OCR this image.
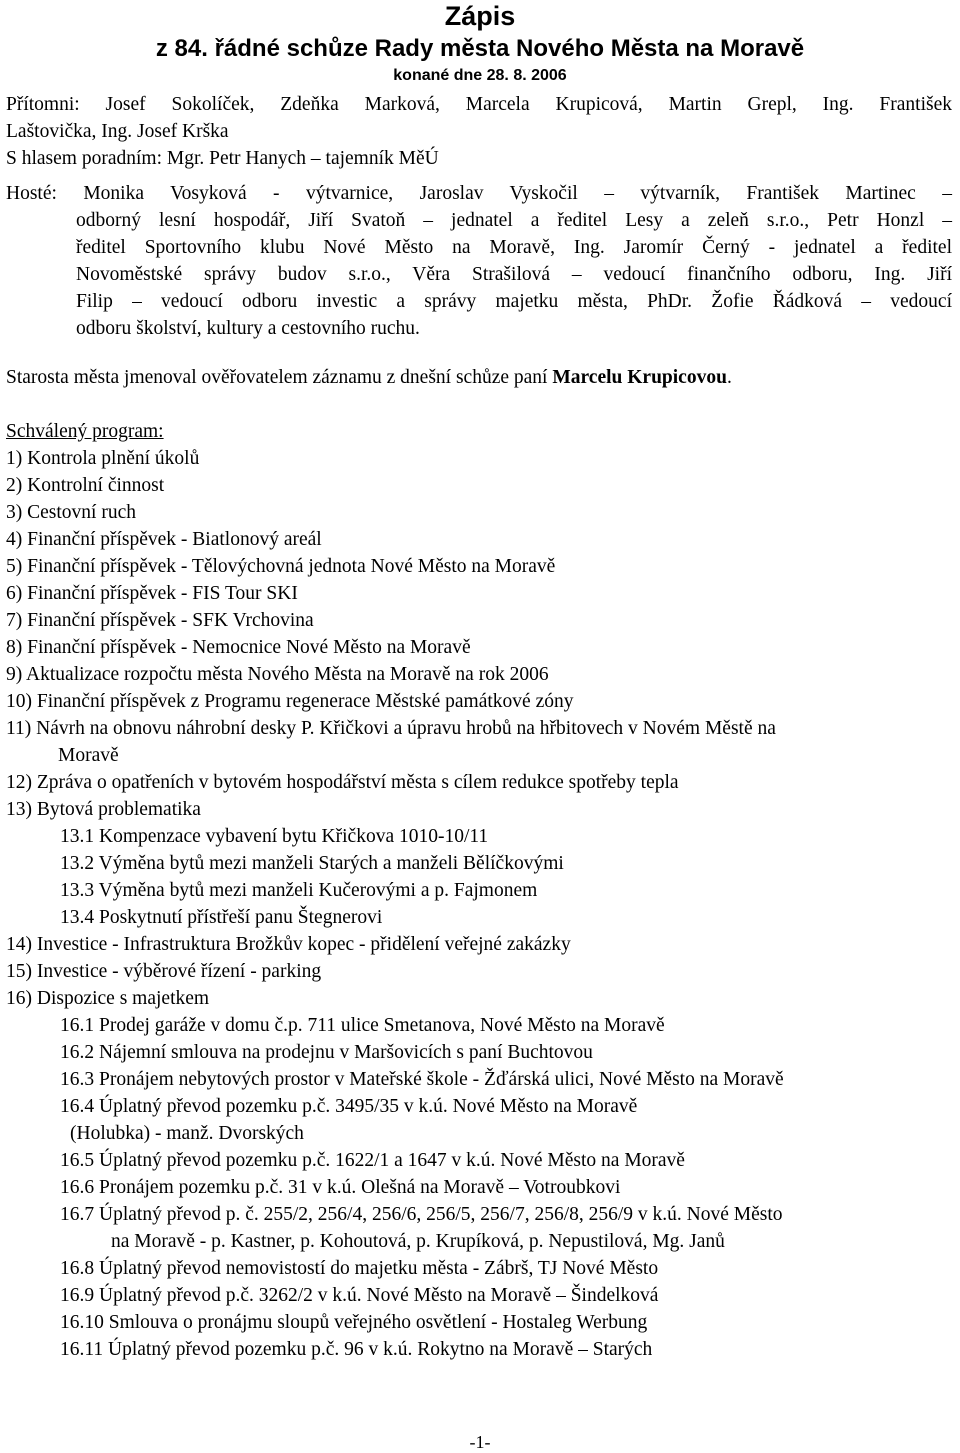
Zápis
z 84. řádné schůze Rady města Nového Města na Moravě
konané dne 28. 8. 2006
Přítomni: Josef Sokolíček, Zdeňka Marková, Marcela Krupicová, Martin Grepl, Ing. František
Laštovička, Ing. Josef Krška
S hlasem poradním: Mgr. Petr Hanych – tajemník MěÚ
Hosté: Monika Vosyková - výtvarnice, Jaroslav Vyskočil – výtvarník, František Martinec –
odborný lesní hospodář, Jiří Svatoň – jednatel a ředitel Lesy a zeleň s.r.o., Petr Honzl –
ředitel Sportovního klubu Nové Město na Moravě, Ing. Jaromír Černý - jednatel a ředitel
Novoměstské správy budov s.r.o., Věra Strašilová – vedoucí finančního odboru, Ing. Jiří
Filip – vedoucí odboru investic a správy majetku města, PhDr. Žofie Řádková – vedoucí
odboru školství, kultury a cestovního ruchu.
Starosta města jmenoval ověřovatelem záznamu z dnešní schůze paní Marcelu Krupicovou.
Schválený program:
1) Kontrola plnění úkolů
2) Kontrolní činnost
3) Cestovní ruch
4) Finanční příspěvek - Biatlonový areál
5) Finanční příspěvek - Tělovýchovná jednota Nové Město na Moravě
6) Finanční příspěvek - FIS Tour SKI
7) Finanční příspěvek - SFK Vrchovina
8) Finanční příspěvek - Nemocnice Nové Město na Moravě
9) Aktualizace rozpočtu města Nového Města na Moravě na rok 2006
10) Finanční příspěvek z Programu regenerace Městské památkové zóny
11) Návrh na obnovu náhrobní desky P. Křičkovi a úpravu hrobů na hřbitovech v Novém Městě na
Moravě
12) Zpráva o opatřeních v bytovém hospodářství města s cílem redukce spotřeby tepla
13) Bytová problematika
13.1 Kompenzace vybavení bytu Křičkova 1010-10/11
13.2 Výměna bytů mezi manželi Starých a manželi Bělíčkovými
13.3 Výměna bytů mezi manželi Kučerovými a p. Fajmonem
13.4 Poskytnutí přístřeší panu Štegnerovi
14) Investice - Infrastruktura Brožkův kopec - přidělení veřejné zakázky
15) Investice - výběrové řízení - parking
16) Dispozice s majetkem
16.1 Prodej garáže v domu č.p. 711 ulice Smetanova, Nové Město na Moravě
16.2 Nájemní smlouva na prodejnu v Maršovicích s paní Buchtovou
16.3 Pronájem nebytových prostor v Mateřské škole - Žďárská ulici, Nové Město na Moravě
16.4 Úplatný převod pozemku p.č. 3495/35 v k.ú. Nové Město na Moravě
(Holubka) - manž. Dvorských
16.5 Úplatný převod pozemku p.č. 1622/1 a 1647 v k.ú. Nové Město na Moravě
16.6 Pronájem pozemku p.č. 31 v k.ú. Olešná na Moravě – Votroubkovi
16.7 Úplatný převod p. č. 255/2, 256/4, 256/6, 256/5, 256/7, 256/8, 256/9 v k.ú. Nové Město
na Moravě - p. Kastner, p. Kohoutová, p. Krupíková, p. Nepustilová, Mg. Janů
16.8 Úplatný převod nemovistostí do majetku města - Zábrš, TJ Nové Město
16.9 Úplatný převod p.č. 3262/2 v k.ú. Nové Město na Moravě – Šindelková
16.10 Smlouva o pronájmu sloupů veřejného osvětlení - Hostaleg Werbung
16.11 Úplatný převod pozemku p.č. 96 v k.ú. Rokytno na Moravě – Starých
-1-
